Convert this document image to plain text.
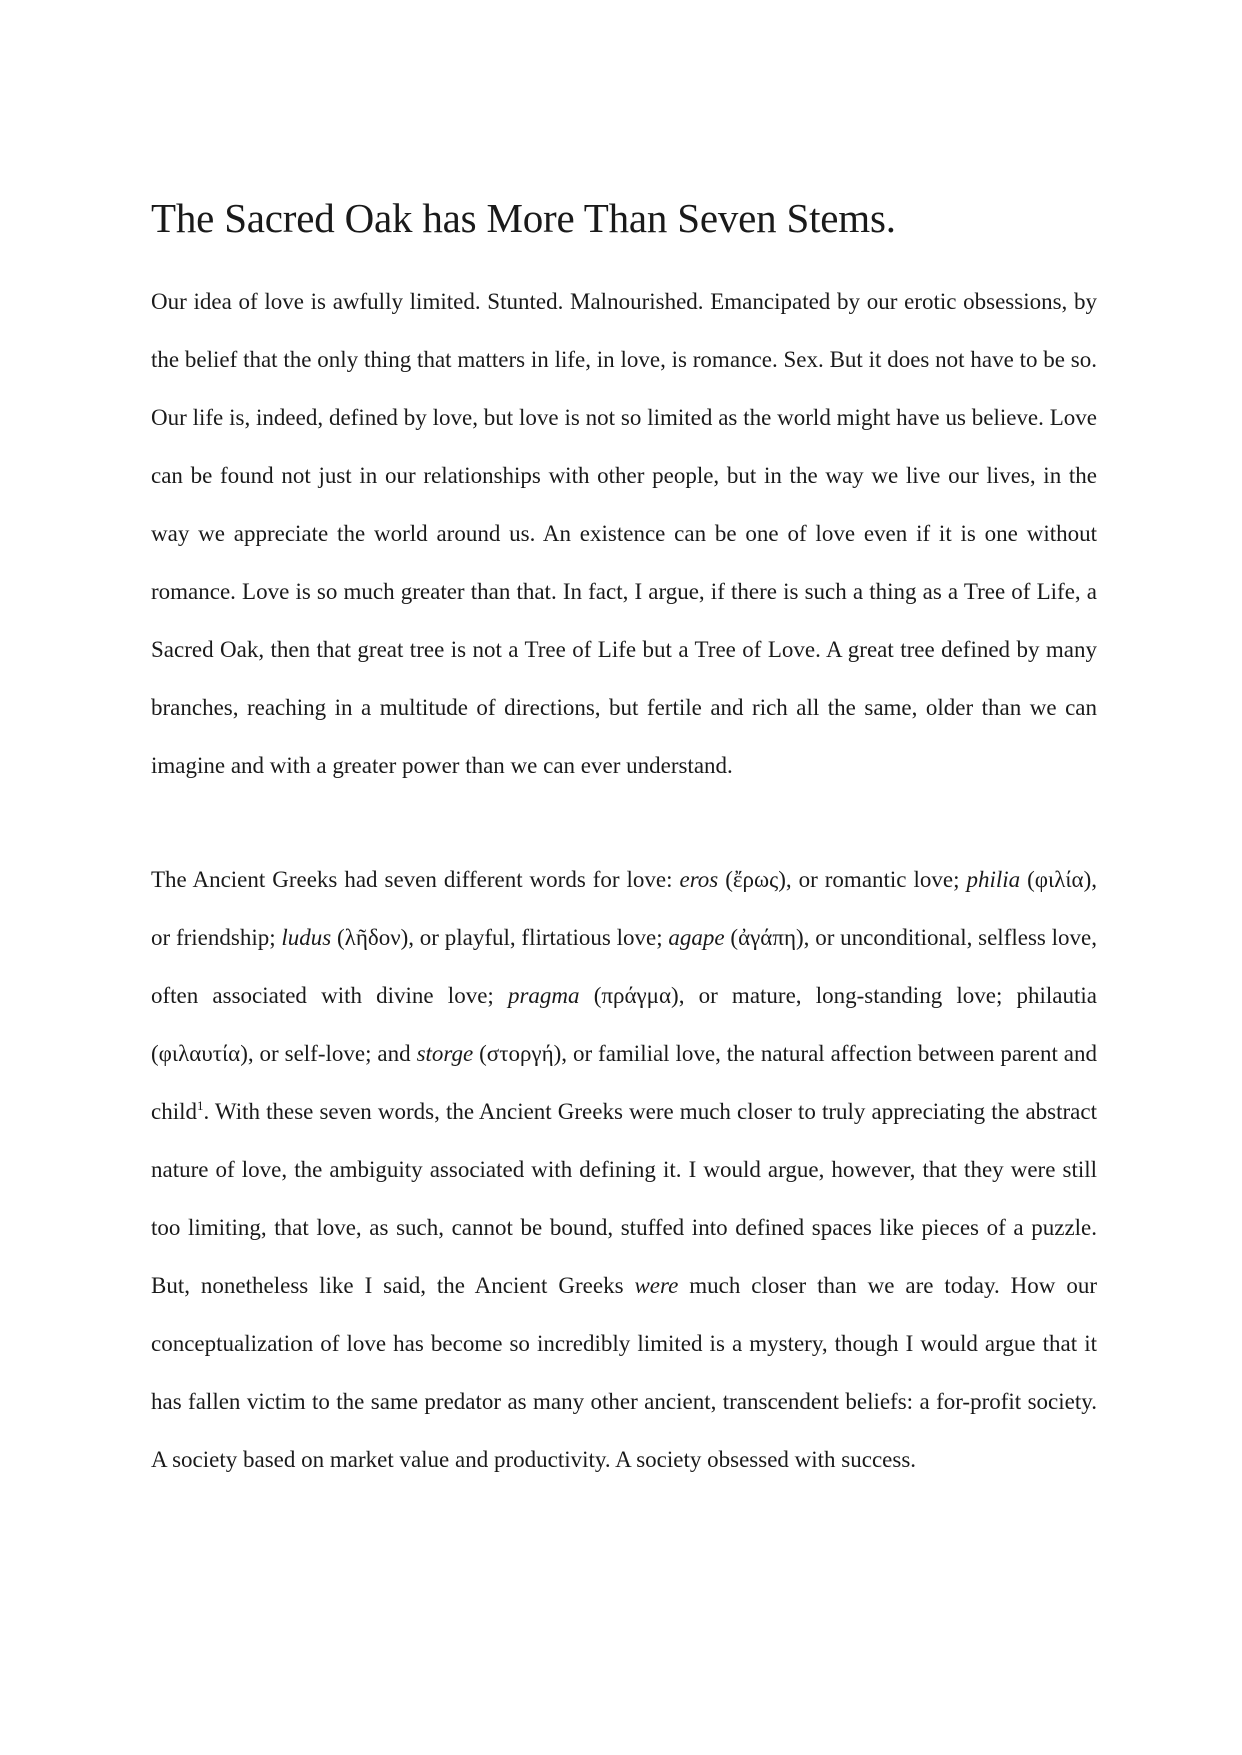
The Sacred Oak has More Than Seven Stems.

Our idea of love is awfully limited. Stunted. Malnourished. Emancipated by our erotic obsessions, by the belief that the only thing that matters in life, in love, is romance. Sex. But it does not have to be so. Our life is, indeed, defined by love, but love is not so limited as the world might have us believe. Love can be found not just in our relationships with other people, but in the way we live our lives, in the way we appreciate the world around us. An existence can be one of love even if it is one without romance. Love is so much greater than that. In fact, I argue, if there is such a thing as a Tree of Life, a Sacred Oak, then that great tree is not a Tree of Life but a Tree of Love. A great tree defined by many branches, reaching in a multitude of directions, but fertile and rich all the same, older than we can imagine and with a greater power than we can ever understand.

The Ancient Greeks had seven different words for love: eros (ἔρως), or romantic love; philia (φιλία), or friendship; ludus (λῆδον), or playful, flirtatious love; agape (ἀγάπη), or unconditional, selfless love, often associated with divine love; pragma (πράγμα), or mature, long-standing love; philautia (φιλαυτία), or self-love; and storge (στοργή), or familial love, the natural affection between parent and child$^1$. With these seven words, the Ancient Greeks were much closer to truly appreciating the abstract nature of love, the ambiguity associated with defining it. I would argue, however, that they were still too limiting, that love, as such, cannot be bound, stuffed into defined spaces like pieces of a puzzle. But, nonetheless like I said, the Ancient Greeks were much closer than we are today. How our conceptualization of love has become so incredibly limited is a mystery, though I would argue that it has fallen victim to the same predator as many other ancient, transcendent beliefs: a for-profit society. A society based on market value and productivity. A society obsessed with success.
